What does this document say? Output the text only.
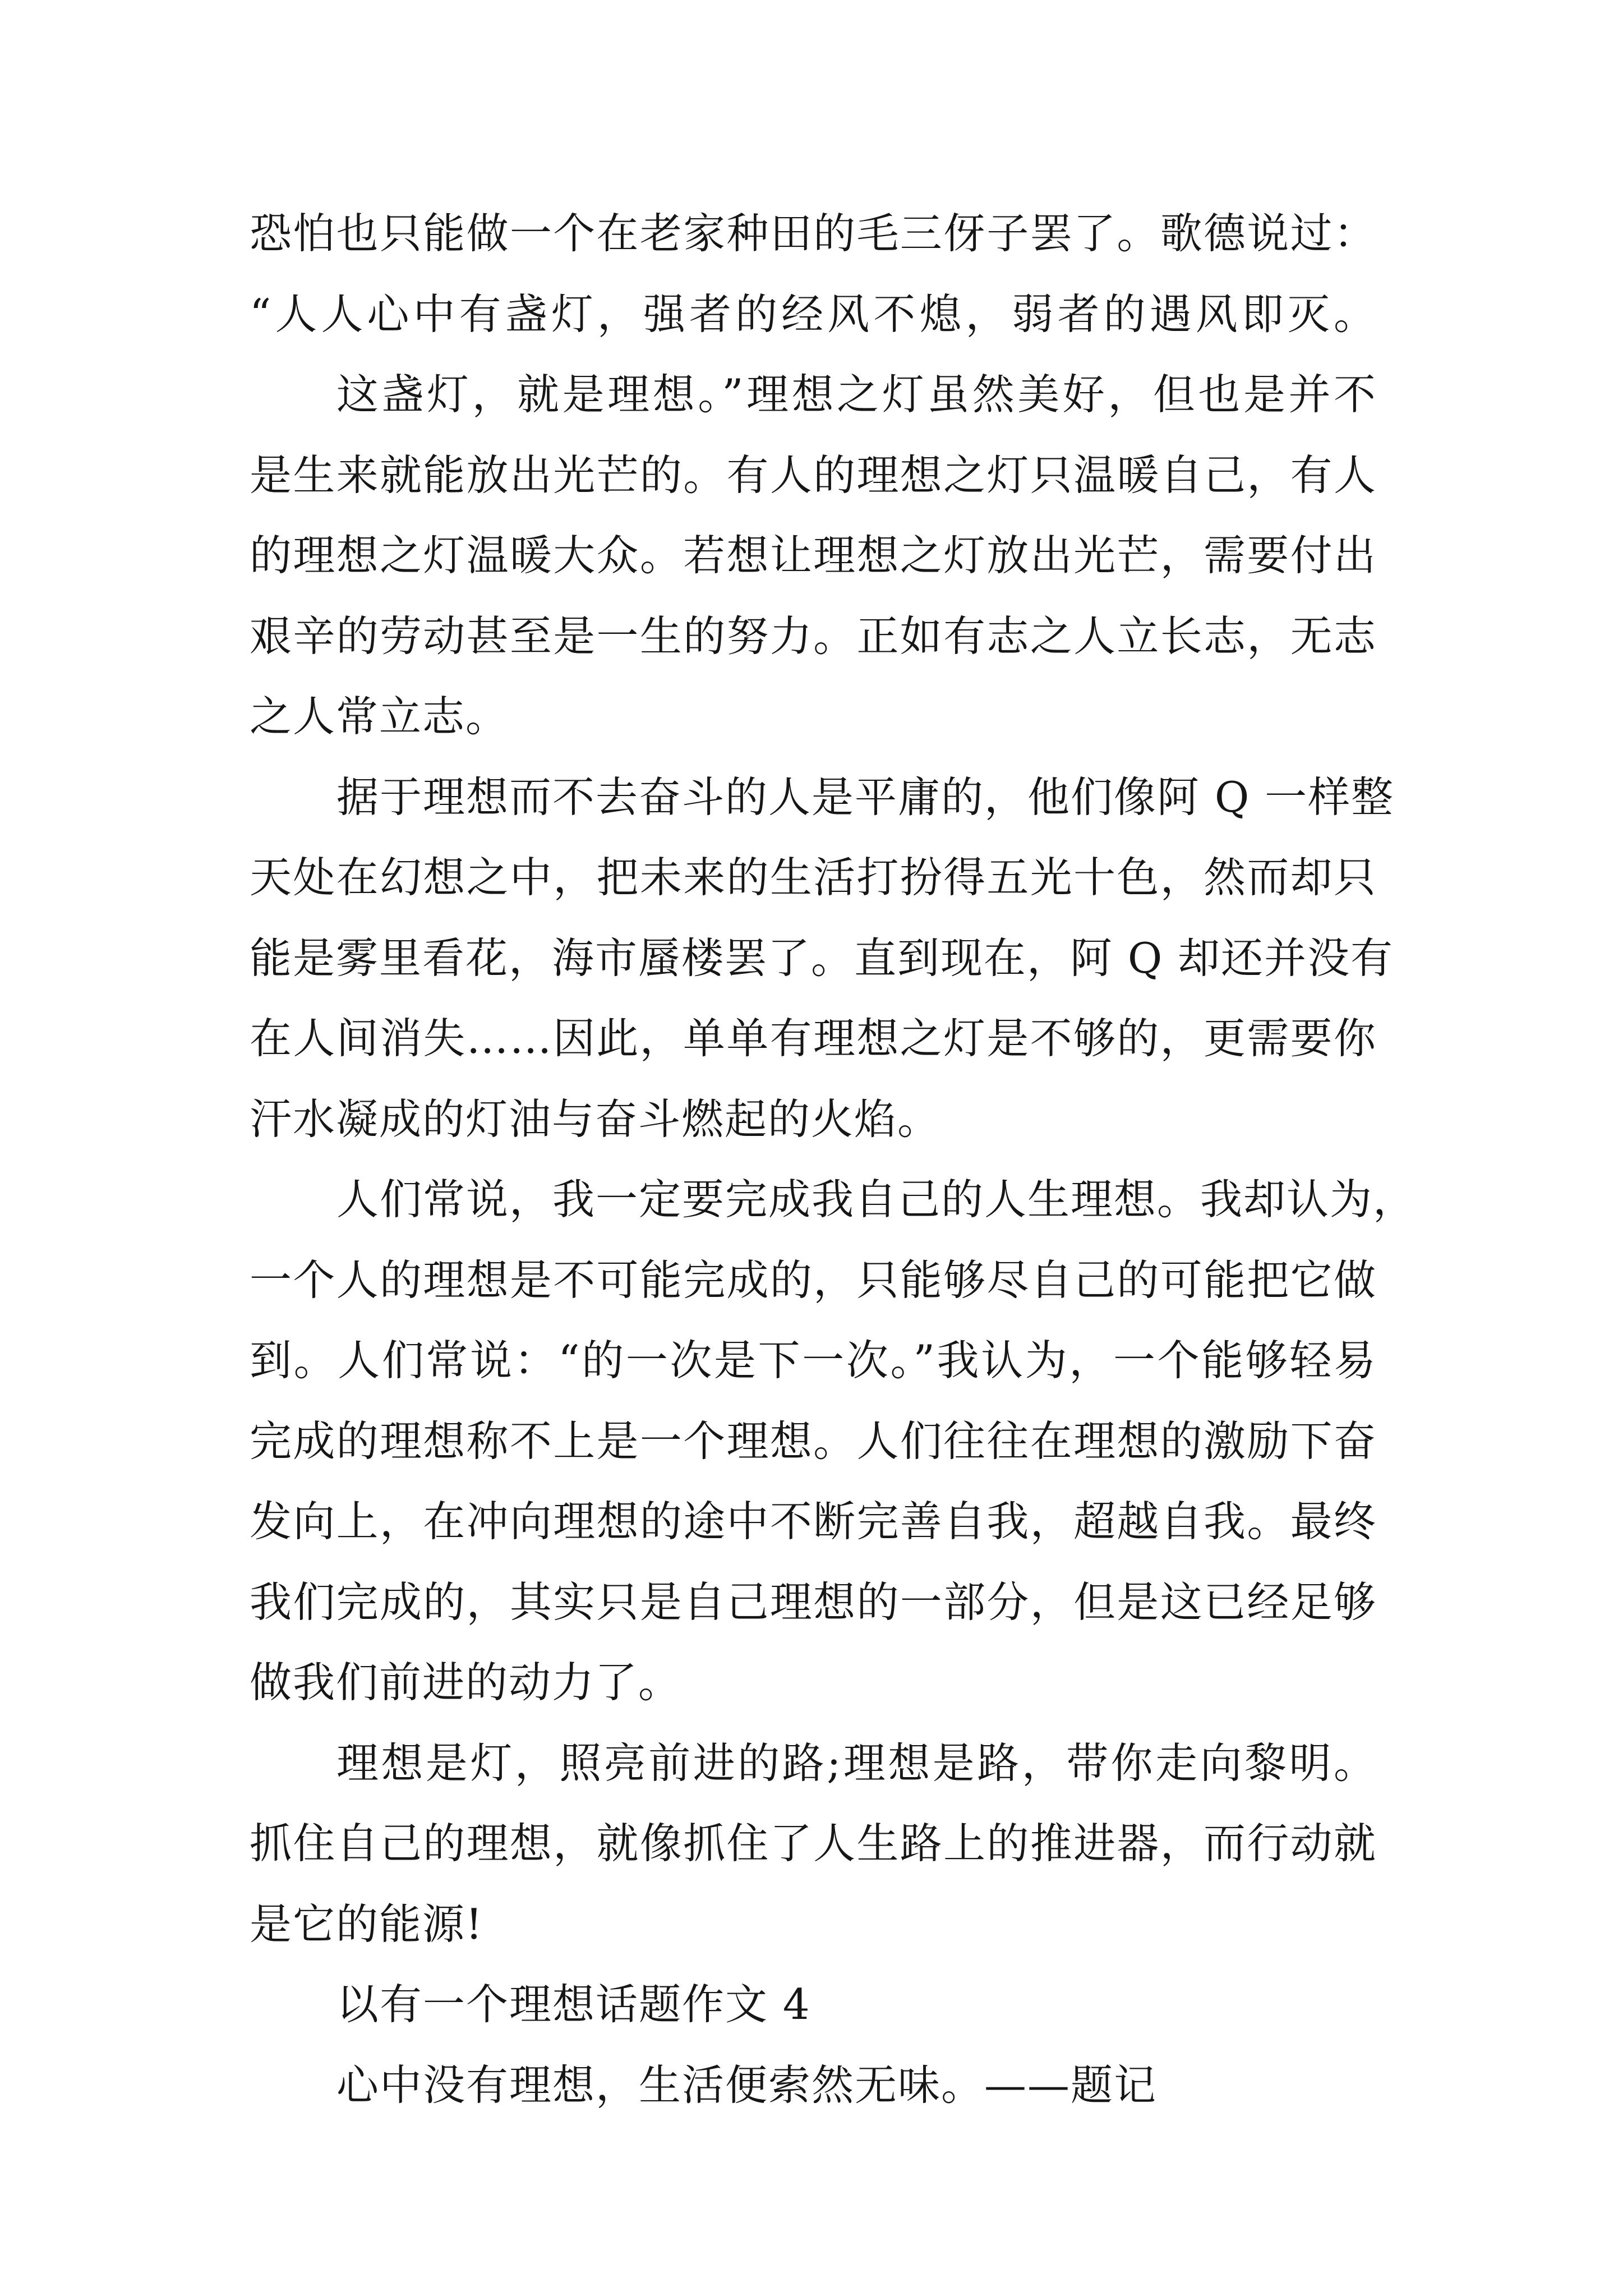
恐怕也只能做一个在老家种田的毛三伢子罢了。歌德说过：
“人人心中有盏灯，强者的经风不熄，弱者的遇风即灭。
这盏灯，就是理想。”理想之灯虽然美好，但也是并不
是生来就能放出光芒的。有人的理想之灯只温暖自己，有人
的理想之灯温暖大众。若想让理想之灯放出光芒，需要付出
艰辛的劳动甚至是一生的努力。正如有志之人立长志，无志
之人常立志。
据于理想而不去奋斗的人是平庸的，他们像阿 Q 一样整
天处在幻想之中，把未来的生活打扮得五光十色，然而却只
能是雾里看花，海市蜃楼罢了。直到现在，阿 Q 却还并没有
在人间消失……因此，单单有理想之灯是不够的，更需要你
汗水凝成的灯油与奋斗燃起的火焰。
人们常说，我一定要完成我自己的人生理想。我却认为，
一个人的理想是不可能完成的，只能够尽自己的可能把它做
到。人们常说：“的一次是下一次。”我认为，一个能够轻易
完成的理想称不上是一个理想。人们往往在理想的激励下奋
发向上，在冲向理想的途中不断完善自我，超越自我。最终
我们完成的，其实只是自己理想的一部分，但是这已经足够
做我们前进的动力了。
理想是灯，照亮前进的路;理想是路，带你走向黎明。
抓住自己的理想，就像抓住了人生路上的推进器，而行动就
是它的能源!
以有一个理想话题作文 4
心中没有理想，生活便索然无味。——题记
